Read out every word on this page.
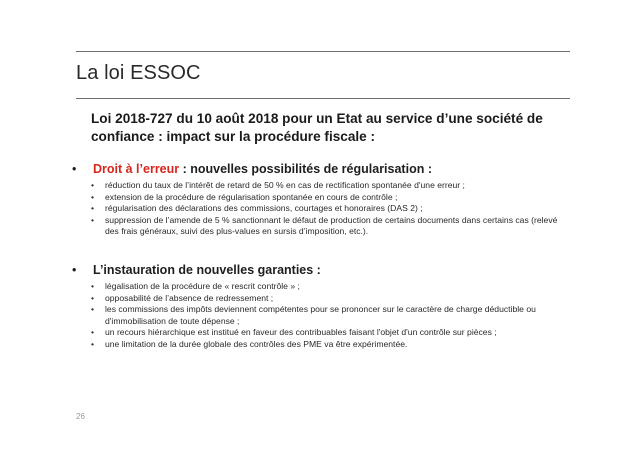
La loi ESSOC
Loi 2018-727 du 10 août 2018 pour un Etat au service d’une société de confiance : impact sur la procédure fiscale :
• Droit à l’erreur : nouvelles possibilités de régularisation :
• réduction du taux de l’intérêt de retard de 50 % en cas de rectification spontanée d'une erreur ;
• extension de la procédure de régularisation spontanée en cours de contrôle ;
• régularisation des déclarations des commissions, courtages et honoraires (DAS 2) ;
• suppression de l’amende de 5 % sanctionnant le défaut de production de certains documents dans certains cas (relevé des frais généraux, suivi des plus-values en sursis d’imposition, etc.).
• L’instauration de nouvelles garanties :
• légalisation de la procédure de « rescrit contrôle » ;
• opposabilité de l’absence de redressement ;
• les commissions des impôts deviennent compétentes pour se prononcer sur le caractère de charge déductible ou d'immobilisation de toute dépense ;
• un recours hiérarchique est institué en faveur des contribuables faisant l'objet d'un contrôle sur pièces ;
• une limitation de la durée globale des contrôles des PME va être expérimentée.
26
